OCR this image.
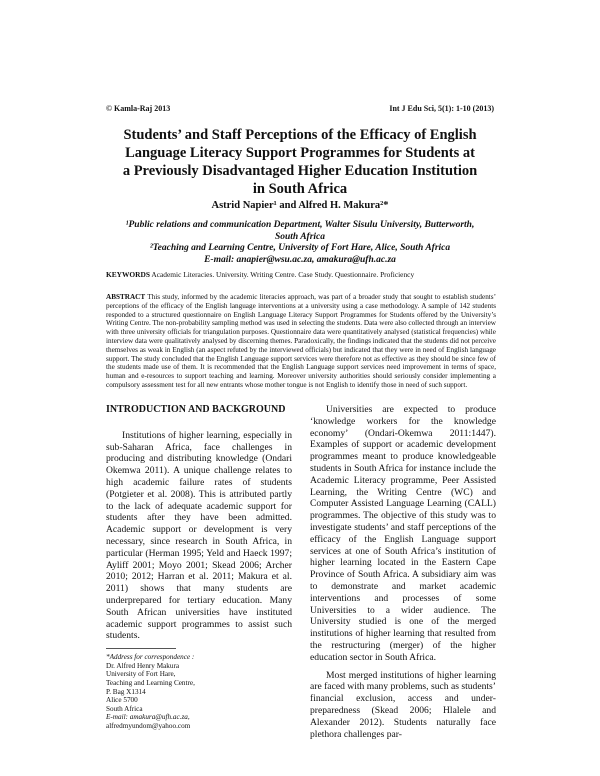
© Kamla-Raj 2013	Int J Edu Sci, 5(1): 1-10 (2013)
Students’ and Staff Perceptions of the Efficacy of English Language Literacy Support Programmes for Students at a Previously Disadvantaged Higher Education Institution in South Africa
Astrid Napier¹ and Alfred H. Makura²*

¹Public relations and communication Department, Walter Sisulu University, Butterworth, South Africa

²Teaching and Learning Centre, University of Fort Hare, Alice, South Africa

E-mail: anapier@wsu.ac.za, amakura@ufh.ac.za

KEYWORDS Academic Literacies. University. Writing Centre. Case Study. Questionnaire. Proficiency

ABSTRACT This study, informed by the academic literacies approach, was part of a broader study that sought to establish students’ perceptions of the efficacy of the English language interventions at a university using a case methodology. A sample of 142 students responded to a structured questionnaire on English Language Literacy Support Programmes for Students offered by the University’s Writing Centre. The non-probability sampling method was used in selecting the students. Data were also collected through an interview with three university officials for triangulation purposes. Questionnaire data were quantitatively analysed (statistical frequencies) while interview data were qualitatively analysed by discerning themes. Paradoxically, the findings indicated that the students did not perceive themselves as weak in English (an aspect refuted by the interviewed officials) but indicated that they were in need of English language support. The study concluded that the English Language support services were therefore not as effective as they should be since few of the students made use of them. It is recommended that the English Language support services need improvement in terms of space, human and e-resources to support teaching and learning. Moreover university authorities should seriously consider implementing a compulsory assessment test for all new entrants whose mother tongue is not English to identify those in need of such support.

INTRODUCTION AND BACKGROUND

Institutions of higher learning, especially in sub-Saharan Africa, face challenges in producing and distributing knowledge (Ondari Okemwa 2011). A unique challenge relates to high academic failure rates of students (Potgieter et al. 2008). This is attributed partly to the lack of adequate academic support for students after they have been admitted. Academic support or development is very necessary, since research in South Africa, in particular (Herman 1995; Yeld and Haeck 1997; Ayliff 2001; Moyo 2001; Skead 2006; Archer 2010; 2012; Harran et al. 2011; Makura et al. 2011) shows that many students are underprepared for tertiary education. Many South African universities have instituted academic support programmes to assist such students.

*Address for correspondence :
Dr. Alfred Henry Makura
University of Fort Hare,
Teaching and Learning Centre,
P. Bag X1314
Alice 5700
South Africa
E-mail: amakura@ufh.ac.za,
alfredmyundom@yahoo.com

Universities are expected to produce ‘knowledge workers for the knowledge economy’ (Ondari-Okemwa 2011:1447). Examples of support or academic development programmes meant to produce knowledgeable students in South Africa for instance include the Academic Literacy programme, Peer Assisted Learning, the Writing Centre (WC) and Computer Assisted Language Learning (CALL) programmes. The objective of this study was to investigate students’ and staff perceptions of the efficacy of the English Language support services at one of South Africa’s institution of higher learning located in the Eastern Cape Province of South Africa. A subsidiary aim was to demonstrate and market academic interventions and processes of some Universities to a wider audience. The University studied is one of the merged institutions of higher learning that resulted from the restructuring (merger) of the higher education sector in South Africa.

Most merged institutions of higher learning are faced with many problems, such as students’ financial exclusion, access and under-preparedness (Skead 2006; Hlalele and Alexander 2012). Students naturally face plethora challenges par-
